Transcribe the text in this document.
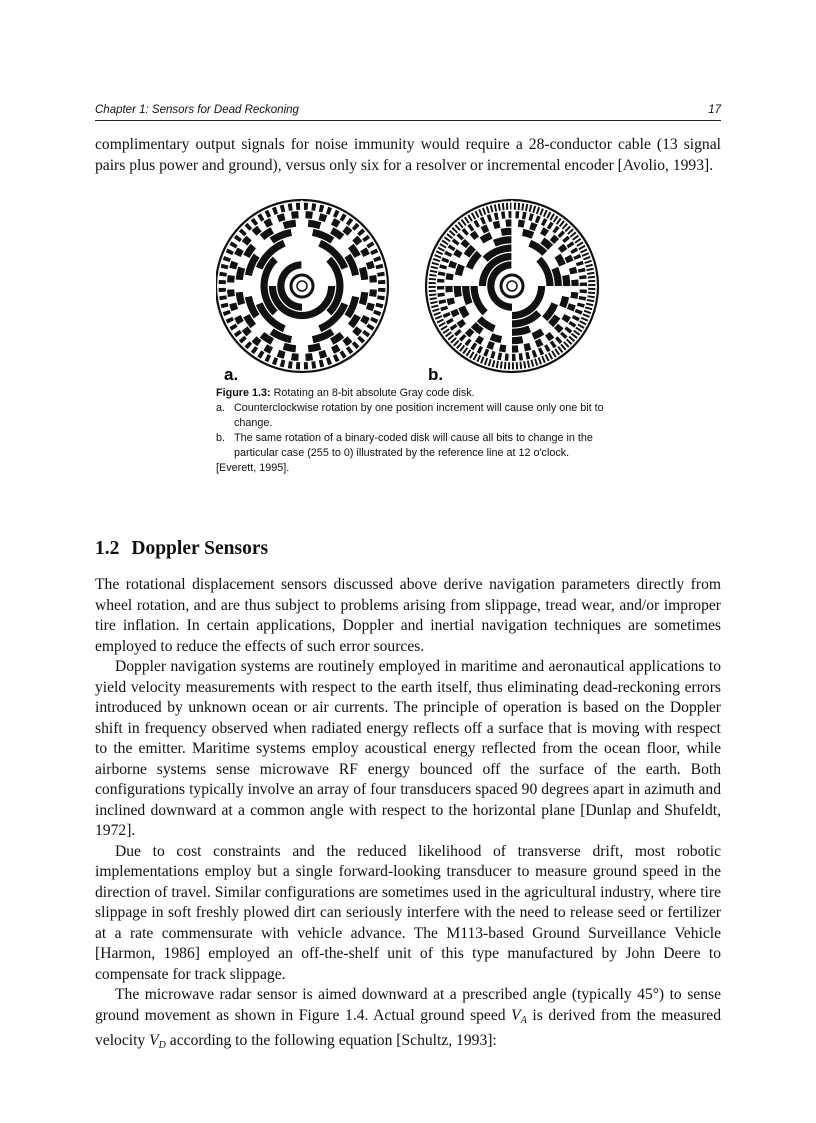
Chapter 1: Sensors for Dead Reckoning	17

complimentary output signals for noise immunity would require a 28-conductor cable (13 signal pairs plus power and ground), versus only six for a resolver or incremental encoder [Avolio, 1993].

a.	b.

Figure 1.3: Rotating an 8-bit absolute Gray code disk.

a. Counterclockwise rotation by one position increment will cause only one bit to change.

b. The same rotation of a binary-coded disk will cause all bits to change in the particular case (255 to 0) illustrated by the reference line at 12 o'clock.

[Everett, 1995].

1.2 Doppler Sensors

The rotational displacement sensors discussed above derive navigation parameters directly from wheel rotation, and are thus subject to problems arising from slippage, tread wear, and/or improper tire inflation. In certain applications, Doppler and inertial navigation techniques are sometimes employed to reduce the effects of such error sources.

Doppler navigation systems are routinely employed in maritime and aeronautical applications to yield velocity measurements with respect to the earth itself, thus eliminating dead-reckoning errors introduced by unknown ocean or air currents. The principle of operation is based on the Doppler shift in frequency observed when radiated energy reflects off a surface that is moving with respect to the emitter. Maritime systems employ acoustical energy reflected from the ocean floor, while airborne systems sense microwave RF energy bounced off the surface of the earth. Both configurations typically involve an array of four transducers spaced 90 degrees apart in azimuth and inclined downward at a common angle with respect to the horizontal plane [Dunlap and Shufeldt, 1972].

Due to cost constraints and the reduced likelihood of transverse drift, most robotic implementations employ but a single forward-looking transducer to measure ground speed in the direction of travel. Similar configurations are sometimes used in the agricultural industry, where tire slippage in soft freshly plowed dirt can seriously interfere with the need to release seed or fertilizer at a rate commensurate with vehicle advance. The M113-based Ground Surveillance Vehicle [Harmon, 1986] employed an off-the-shelf unit of this type manufactured by John Deere to compensate for track slippage.

The microwave radar sensor is aimed downward at a prescribed angle (typically 45°) to sense ground movement as shown in Figure 1.4. Actual ground speed $V_A$ is derived from the measured velocity $V_D$ according to the following equation [Schultz, 1993]:
